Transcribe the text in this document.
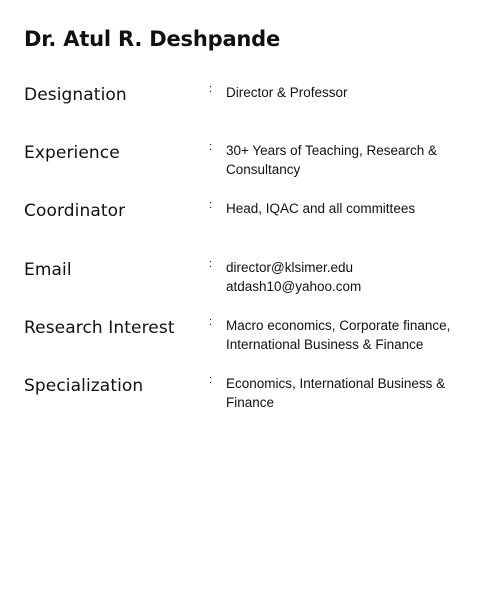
Dr. Atul R. Deshpande
Designation	: Director & Professor
Experience	: 30+ Years of Teaching, Research &
Consultancy
Coordinator	: Head, IQAC and all committees
Email	: director@klsimer.edu
atdash10@yahoo.com
Research Interest	: Macro economics, Corporate finance,
International Business & Finance
Specialization	: Economics, International Business &
Finance
